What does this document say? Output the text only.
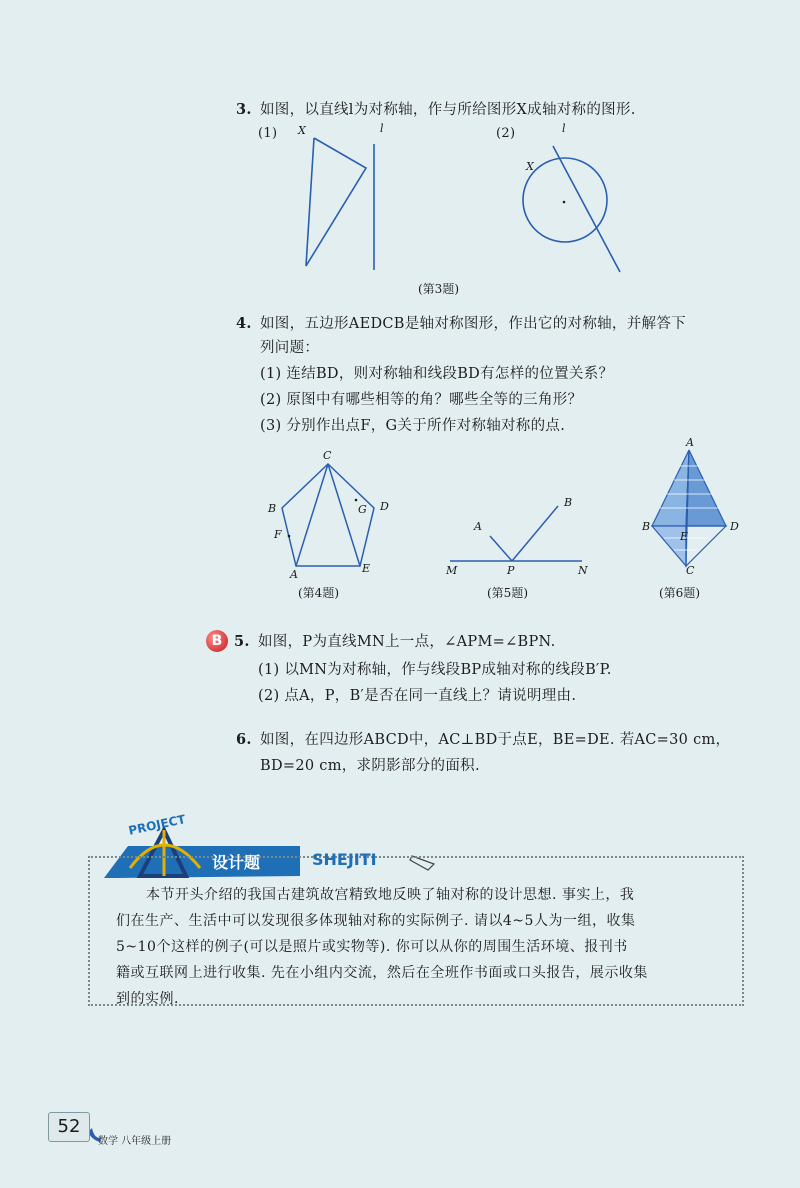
3. 如图，以直线l为对称轴，作与所给图形X成轴对称的图形.
(1)	(2)
X	l
X
l
(第3题)
4. 如图，五边形AEDCB是轴对称图形，作出它的对称轴，并解答下
列问题：
(1) 连结BD，则对称轴和线段BD有怎样的位置关系？
(2) 原图中有哪些相等的角？哪些全等的三角形？
(3) 分别作出点F，G关于所作对称轴对称的点.
C
B	G D
F
A	E
(第4题)
B
A
M	P	N
(第5题)
A
B
E
D
C
(第6题)
B 5. 如图，P为直线MN上一点，∠APM=∠BPN.
(1) 以MN为对称轴，作与线段BP成轴对称的线段B′P.
(2) 点A，P，B′是否在同一直线上？请说明理由.
6. 如图，在四边形ABCD中，AC⊥BD于点E，BE=DE. 若AC=30 cm，
BD=20 cm，求阴影部分的面积.
PROJECT
设计题	SHEJITI
本节开头介绍的我国古建筑故宫精致地反映了轴对称的设计思想. 事实上，我
们在生产、生活中可以发现很多体现轴对称的实际例子. 请以4~5人为一组，收集
5~10个这样的例子(可以是照片或实物等). 你可以从你的周围生活环境、报刊书
籍或互联网上进行收集. 先在小组内交流，然后在全班作书面或口头报告，展示收集
到的实例.
52
数学 八年级上册
